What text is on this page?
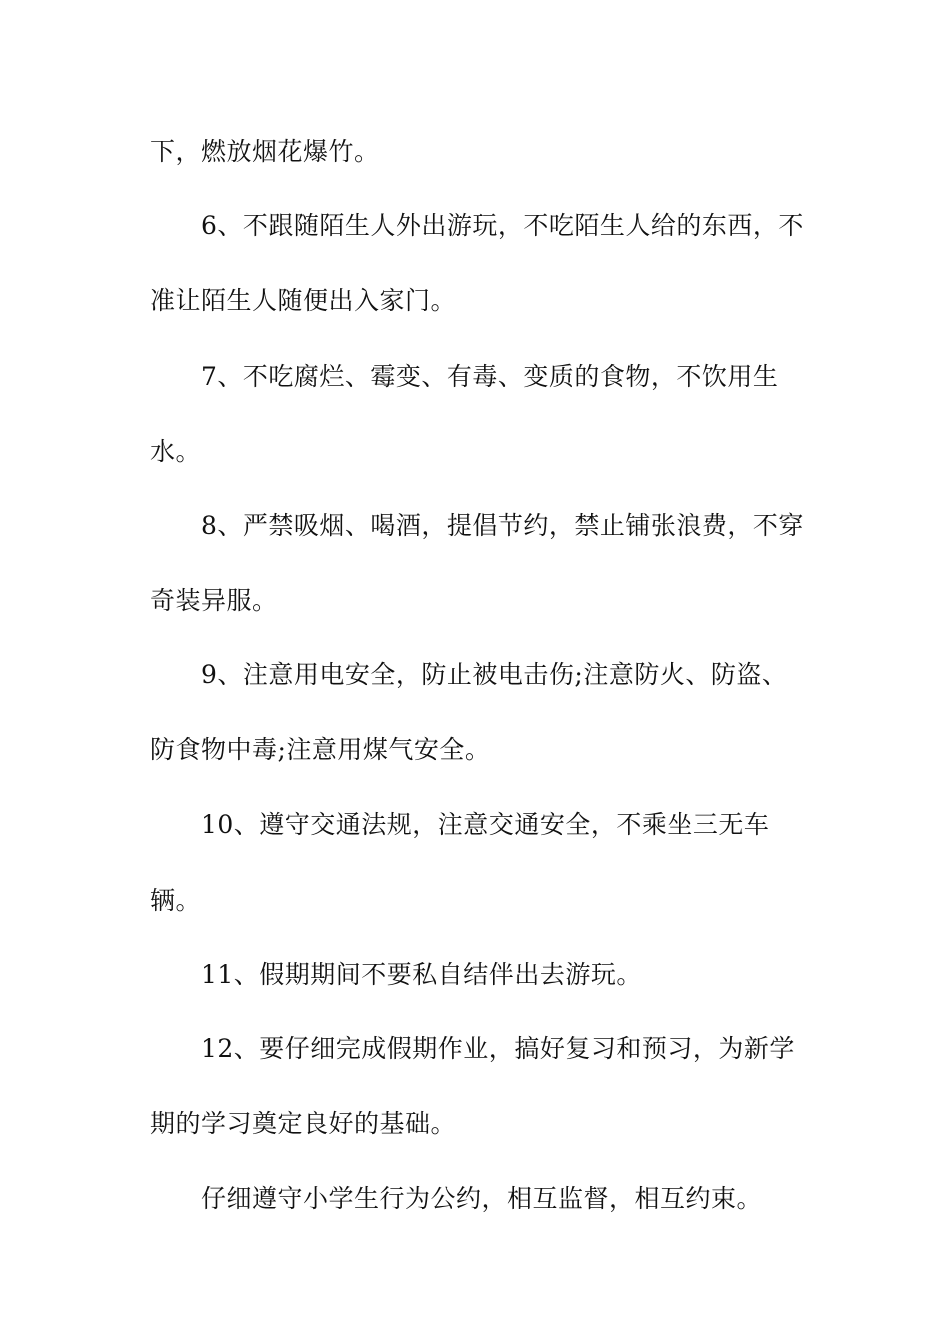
下，燃放烟花爆竹。
6、不跟随陌生人外出游玩，不吃陌生人给的东西，不
准让陌生人随便出入家门。
7、不吃腐烂、霉变、有毒、变质的食物，不饮用生
水。
8、严禁吸烟、喝酒，提倡节约，禁止铺张浪费，不穿
奇装异服。
9、注意用电安全，防止被电击伤;注意防火、防盗、
防食物中毒;注意用煤气安全。
10、遵守交通法规，注意交通安全，不乘坐三无车
辆。
11、假期期间不要私自结伴出去游玩。
12、要仔细完成假期作业，搞好复习和预习，为新学
期的学习奠定良好的基础。
仔细遵守小学生行为公约，相互监督，相互约束。
